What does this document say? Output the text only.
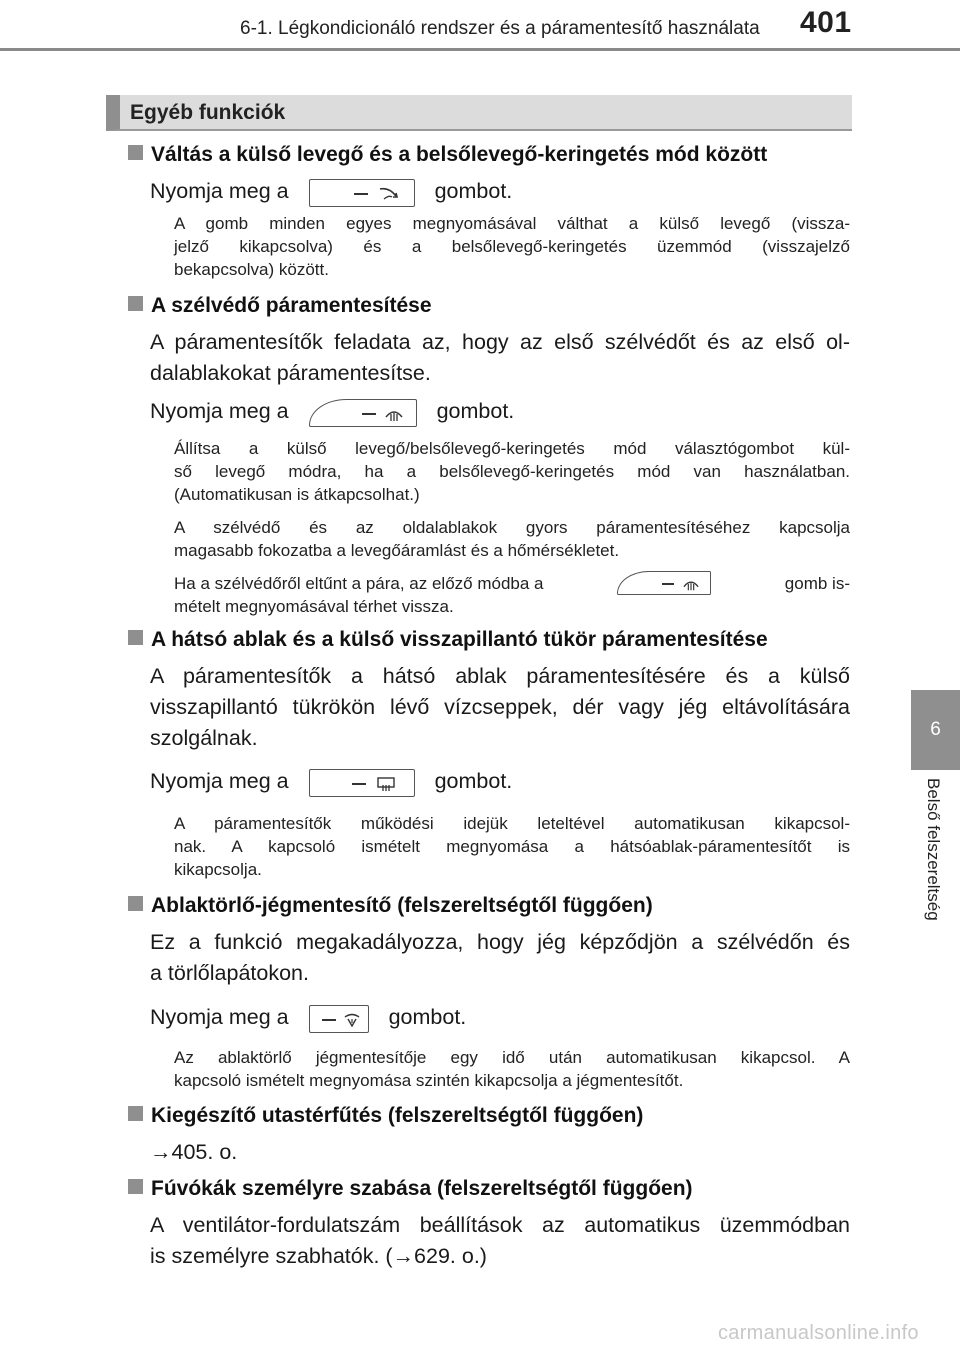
6-1. Légkondicionáló rendszer és a páramentesítő használata 401
6
Belső felszereltség
Egyéb funkciók
Váltás a külső levegő és a belsőlevegő-keringetés mód között
Nyomja meg a	gombot.
A gomb minden egyes megnyomásával válthat a külső levegő (vissza-
jelző kikapcsolva) és a belsőlevegő-keringetés üzemmód (visszajelző
bekapcsolva) között.
A szélvédő páramentesítése
A páramentesítők feladata az, hogy az első szélvédőt és az első ol-
dalablakokat páramentesítse.
Nyomja meg a	gombot.
Állítsa a külső levegő/belsőlevegő-keringetés mód választógombot kül-
ső levegő módra, ha a belsőlevegő-keringetés mód van használatban.
(Automatikusan is átkapcsolhat.)
A szélvédő és az oldalablakok gyors páramentesítéséhez kapcsolja
magasabb fokozatba a levegőáramlást és a hőmérsékletet.
Ha a szélvédőről eltűnt a pára, az előző módba a	gomb is-
mételt megnyomásával térhet vissza.
A hátsó ablak és a külső visszapillantó tükör páramentesítése
A páramentesítők a hátsó ablak páramentesítésére és a külső
visszapillantó tükrökön lévő vízcseppek, dér vagy jég eltávolítására
szolgálnak.
Nyomja meg a	gombot.
A páramentesítők működési idejük leteltével automatikusan kikapcsol-
nak. A kapcsoló ismételt megnyomása a hátsóablak-páramentesítőt is
kikapcsolja.
Ablaktörlő-jégmentesítő (felszereltségtől függően)
Ez a funkció megakadályozza, hogy jég képződjön a szélvédőn és
a törlőlapátokon.
Nyomja meg a	gombot.
Az ablaktörlő jégmentesítője egy idő után automatikusan kikapcsol. A
kapcsoló ismételt megnyomása szintén kikapcsolja a jégmentesítőt.
Kiegészítő utastérfűtés (felszereltségtől függően)
→405. o.
Fúvókák személyre szabása (felszereltségtől függően)
A ventilátor-fordulatszám beállítások az automatikus üzemmódban
is személyre szabhatók. (→629. o.)
carmanualsonline.info
